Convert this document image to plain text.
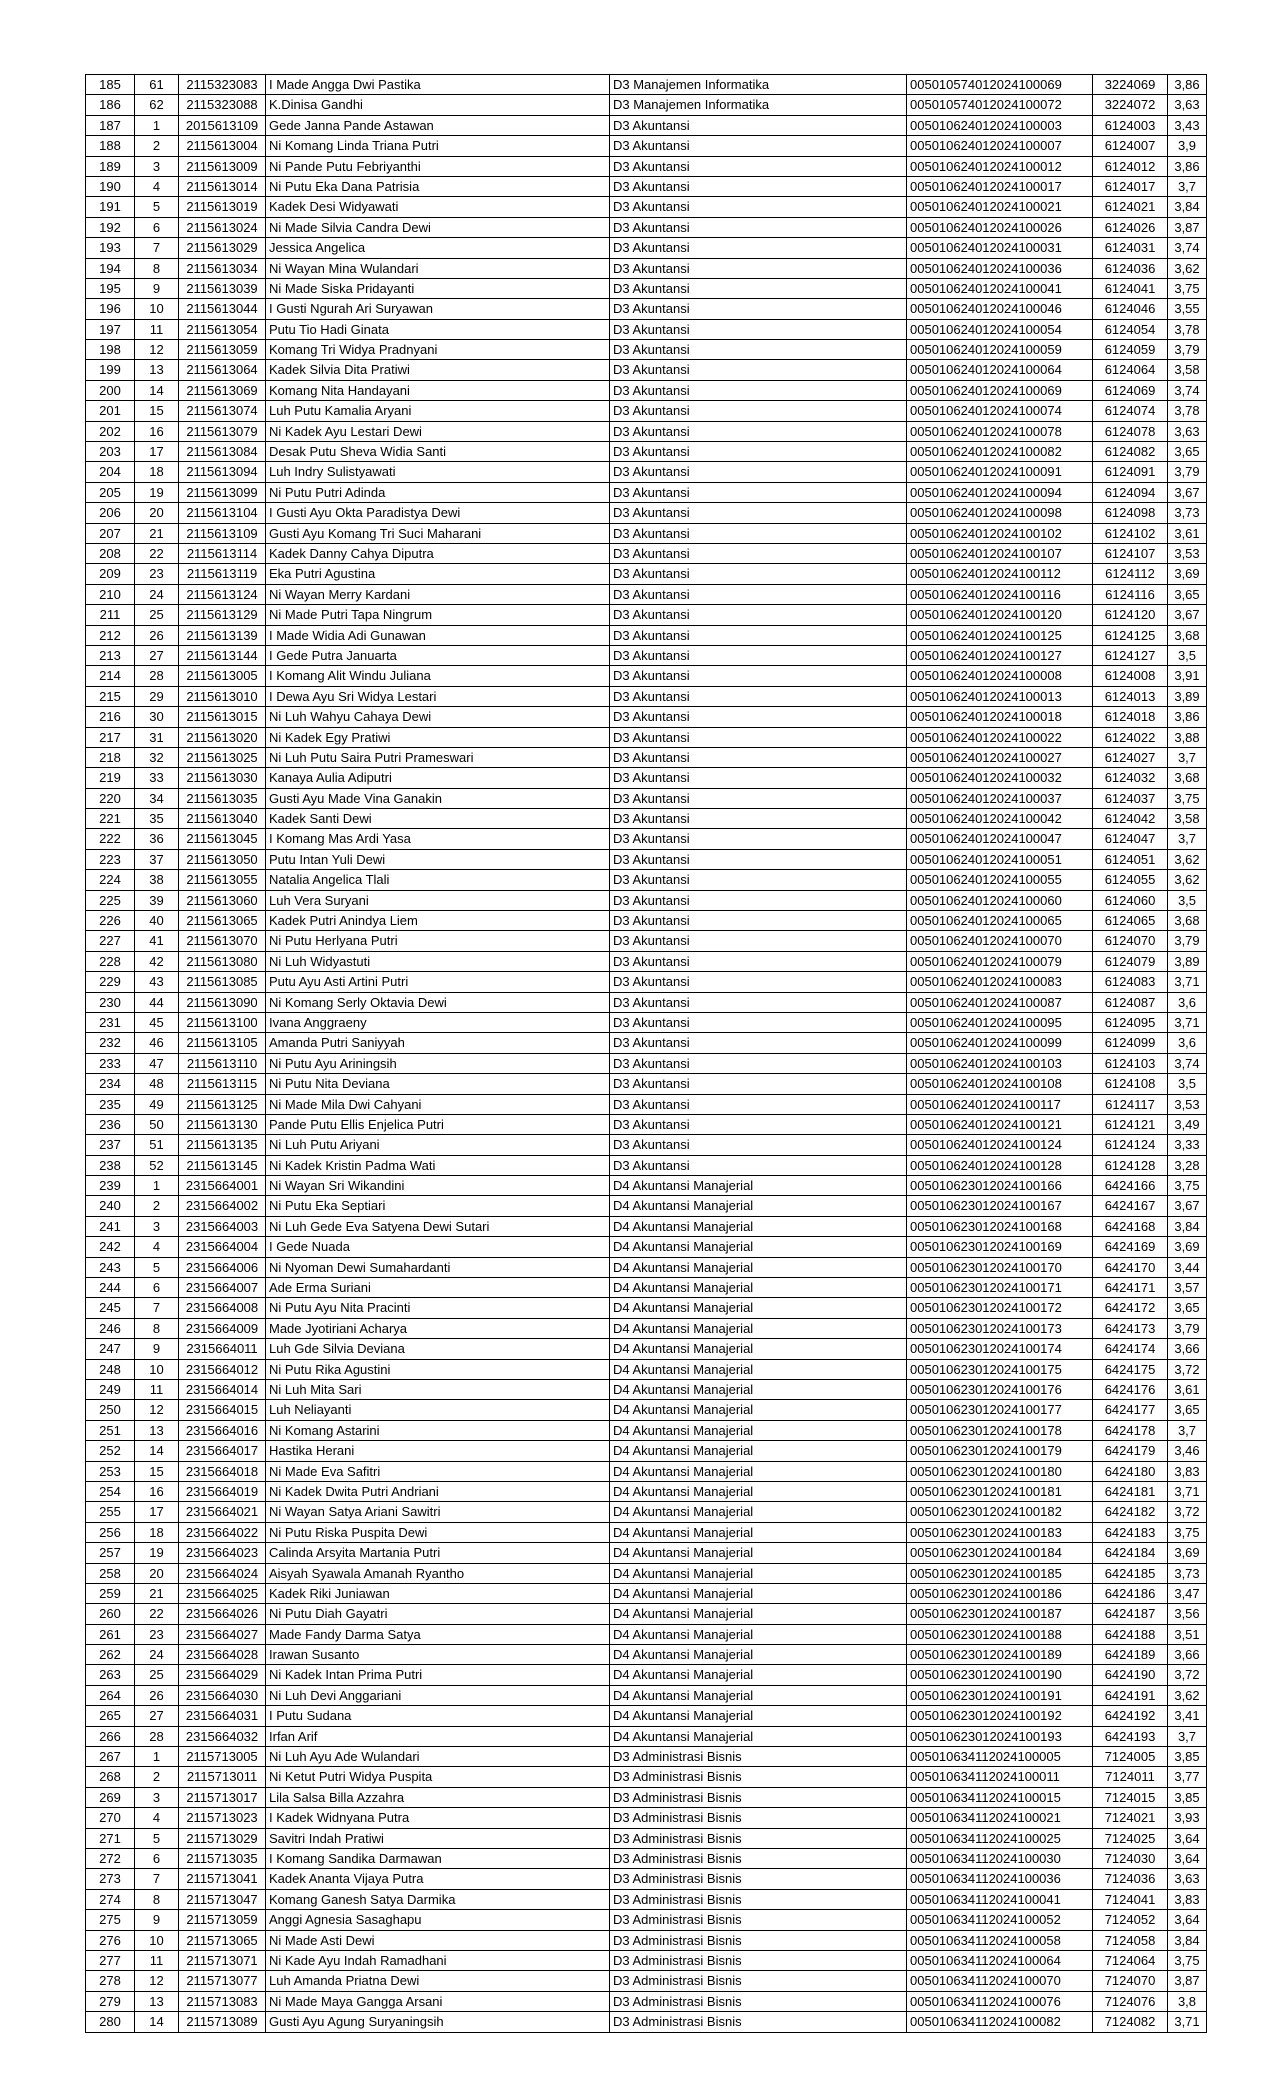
185	61	2115323083 I Made Angga Dwi Pastika	D3 Manajemen Informatika	005010574012024100069	3224069	3,86
186	62	2115323088 K.Dinisa Gandhi	D3 Manajemen Informatika	005010574012024100072	3224072	3,63
187	1	2015613109 Gede Janna Pande Astawan	D3 Akuntansi	005010624012024100003	6124003	3,43
188	2	2115613004 Ni Komang Linda Triana Putri	D3 Akuntansi	005010624012024100007	6124007	3,9
189	3	2115613009 Ni Pande Putu Febriyanthi	D3 Akuntansi	005010624012024100012	6124012	3,86
190	4	2115613014 Ni Putu Eka Dana Patrisia	D3 Akuntansi	005010624012024100017	6124017	3,7
191	5	2115613019 Kadek Desi Widyawati	D3 Akuntansi	005010624012024100021	6124021	3,84
192	6	2115613024 Ni Made Silvia Candra Dewi	D3 Akuntansi	005010624012024100026	6124026	3,87
193	7	2115613029 Jessica Angelica	D3 Akuntansi	005010624012024100031	6124031	3,74
194	8	2115613034 Ni Wayan Mina Wulandari	D3 Akuntansi	005010624012024100036	6124036	3,62
195	9	2115613039 Ni Made Siska Pridayanti	D3 Akuntansi	005010624012024100041	6124041	3,75
196	10	2115613044 I Gusti Ngurah Ari Suryawan	D3 Akuntansi	005010624012024100046	6124046	3,55
197	11	2115613054 Putu Tio Hadi Ginata	D3 Akuntansi	005010624012024100054	6124054	3,78
198	12	2115613059 Komang Tri Widya Pradnyani	D3 Akuntansi	005010624012024100059	6124059	3,79
199	13	2115613064 Kadek Silvia Dita Pratiwi	D3 Akuntansi	005010624012024100064	6124064	3,58
200	14	2115613069 Komang Nita Handayani	D3 Akuntansi	005010624012024100069	6124069	3,74
201	15	2115613074 Luh Putu Kamalia Aryani	D3 Akuntansi	005010624012024100074	6124074	3,78
202	16	2115613079 Ni Kadek Ayu Lestari Dewi	D3 Akuntansi	005010624012024100078	6124078	3,63
203	17	2115613084 Desak Putu Sheva Widia Santi	D3 Akuntansi	005010624012024100082	6124082	3,65
204	18	2115613094 Luh Indry Sulistyawati	D3 Akuntansi	005010624012024100091	6124091	3,79
205	19	2115613099 Ni Putu Putri Adinda	D3 Akuntansi	005010624012024100094	6124094	3,67
206	20	2115613104 I Gusti Ayu Okta Paradistya Dewi	D3 Akuntansi	005010624012024100098	6124098	3,73
207	21	2115613109 Gusti Ayu Komang Tri Suci Maharani	D3 Akuntansi	005010624012024100102	6124102	3,61
208	22	2115613114 Kadek Danny Cahya Diputra	D3 Akuntansi	005010624012024100107	6124107	3,53
209	23	2115613119 Eka Putri Agustina	D3 Akuntansi	005010624012024100112	6124112	3,69
210	24	2115613124 Ni Wayan Merry Kardani	D3 Akuntansi	005010624012024100116	6124116	3,65
211	25	2115613129 Ni Made Putri Tapa Ningrum	D3 Akuntansi	005010624012024100120	6124120	3,67
212	26	2115613139 I Made Widia Adi Gunawan	D3 Akuntansi	005010624012024100125	6124125	3,68
213	27	2115613144 I Gede Putra Januarta	D3 Akuntansi	005010624012024100127	6124127	3,5
214	28	2115613005 I Komang Alit Windu Juliana	D3 Akuntansi	005010624012024100008	6124008	3,91
215	29	2115613010 I Dewa Ayu Sri Widya Lestari	D3 Akuntansi	005010624012024100013	6124013	3,89
216	30	2115613015 Ni Luh Wahyu Cahaya Dewi	D3 Akuntansi	005010624012024100018	6124018	3,86
217	31	2115613020 Ni Kadek Egy Pratiwi	D3 Akuntansi	005010624012024100022	6124022	3,88
218	32	2115613025 Ni Luh Putu Saira Putri Prameswari	D3 Akuntansi	005010624012024100027	6124027	3,7
219	33	2115613030 Kanaya Aulia Adiputri	D3 Akuntansi	005010624012024100032	6124032	3,68
220	34	2115613035 Gusti Ayu Made Vina Ganakin	D3 Akuntansi	005010624012024100037	6124037	3,75
221	35	2115613040 Kadek Santi Dewi	D3 Akuntansi	005010624012024100042	6124042	3,58
222	36	2115613045 I Komang Mas Ardi Yasa	D3 Akuntansi	005010624012024100047	6124047	3,7
223	37	2115613050 Putu Intan Yuli Dewi	D3 Akuntansi	005010624012024100051	6124051	3,62
224	38	2115613055 Natalia Angelica Tlali	D3 Akuntansi	005010624012024100055	6124055	3,62
225	39	2115613060 Luh Vera Suryani	D3 Akuntansi	005010624012024100060	6124060	3,5
226	40	2115613065 Kadek Putri Anindya Liem	D3 Akuntansi	005010624012024100065	6124065	3,68
227	41	2115613070 Ni Putu Herlyana Putri	D3 Akuntansi	005010624012024100070	6124070	3,79
228	42	2115613080 Ni Luh Widyastuti	D3 Akuntansi	005010624012024100079	6124079	3,89
229	43	2115613085 Putu Ayu Asti Artini Putri	D3 Akuntansi	005010624012024100083	6124083	3,71
230	44	2115613090 Ni Komang Serly Oktavia Dewi	D3 Akuntansi	005010624012024100087	6124087	3,6
231	45	2115613100 Ivana Anggraeny	D3 Akuntansi	005010624012024100095	6124095	3,71
232	46	2115613105 Amanda Putri Saniyyah	D3 Akuntansi	005010624012024100099	6124099	3,6
233	47	2115613110 Ni Putu Ayu Ariningsih	D3 Akuntansi	005010624012024100103	6124103	3,74
234	48	2115613115 Ni Putu Nita Deviana	D3 Akuntansi	005010624012024100108	6124108	3,5
235	49	2115613125 Ni Made Mila Dwi Cahyani	D3 Akuntansi	005010624012024100117	6124117	3,53
236	50	2115613130 Pande Putu Ellis Enjelica Putri	D3 Akuntansi	005010624012024100121	6124121	3,49
237	51	2115613135 Ni Luh Putu Ariyani	D3 Akuntansi	005010624012024100124	6124124	3,33
238	52	2115613145 Ni Kadek Kristin Padma Wati	D3 Akuntansi	005010624012024100128	6124128	3,28
239	1	2315664001 Ni Wayan Sri Wikandini	D4 Akuntansi Manajerial	005010623012024100166	6424166	3,75
240	2	2315664002 Ni Putu Eka Septiari	D4 Akuntansi Manajerial	005010623012024100167	6424167	3,67
241	3	2315664003 Ni Luh Gede Eva Satyena Dewi Sutari	D4 Akuntansi Manajerial	005010623012024100168	6424168	3,84
242	4	2315664004 I Gede Nuada	D4 Akuntansi Manajerial	005010623012024100169	6424169	3,69
243	5	2315664006 Ni Nyoman Dewi Sumahardanti	D4 Akuntansi Manajerial	005010623012024100170	6424170	3,44
244	6	2315664007 Ade Erma Suriani	D4 Akuntansi Manajerial	005010623012024100171	6424171	3,57
245	7	2315664008 Ni Putu Ayu Nita Pracinti	D4 Akuntansi Manajerial	005010623012024100172	6424172	3,65
246	8	2315664009 Made Jyotiriani Acharya	D4 Akuntansi Manajerial	005010623012024100173	6424173	3,79
247	9	2315664011 Luh Gde Silvia Deviana	D4 Akuntansi Manajerial	005010623012024100174	6424174	3,66
248	10	2315664012 Ni Putu Rika Agustini	D4 Akuntansi Manajerial	005010623012024100175	6424175	3,72
249	11	2315664014 Ni Luh Mita Sari	D4 Akuntansi Manajerial	005010623012024100176	6424176	3,61
250	12	2315664015 Luh Neliayanti	D4 Akuntansi Manajerial	005010623012024100177	6424177	3,65
251	13	2315664016 Ni Komang Astarini	D4 Akuntansi Manajerial	005010623012024100178	6424178	3,7
252	14	2315664017 Hastika Herani	D4 Akuntansi Manajerial	005010623012024100179	6424179	3,46
253	15	2315664018 Ni Made Eva Safitri	D4 Akuntansi Manajerial	005010623012024100180	6424180	3,83
254	16	2315664019 Ni Kadek Dwita Putri Andriani	D4 Akuntansi Manajerial	005010623012024100181	6424181	3,71
255	17	2315664021 Ni Wayan Satya Ariani Sawitri	D4 Akuntansi Manajerial	005010623012024100182	6424182	3,72
256	18	2315664022 Ni Putu Riska Puspita Dewi	D4 Akuntansi Manajerial	005010623012024100183	6424183	3,75
257	19	2315664023 Calinda Arsyita Martania Putri	D4 Akuntansi Manajerial	005010623012024100184	6424184	3,69
258	20	2315664024 Aisyah Syawala Amanah Ryantho	D4 Akuntansi Manajerial	005010623012024100185	6424185	3,73
259	21	2315664025 Kadek Riki Juniawan	D4 Akuntansi Manajerial	005010623012024100186	6424186	3,47
260	22	2315664026 Ni Putu Diah Gayatri	D4 Akuntansi Manajerial	005010623012024100187	6424187	3,56
261	23	2315664027 Made Fandy Darma Satya	D4 Akuntansi Manajerial	005010623012024100188	6424188	3,51
262	24	2315664028 Irawan Susanto	D4 Akuntansi Manajerial	005010623012024100189	6424189	3,66
263	25	2315664029 Ni Kadek Intan Prima Putri	D4 Akuntansi Manajerial	005010623012024100190	6424190	3,72
264	26	2315664030 Ni Luh Devi Anggariani	D4 Akuntansi Manajerial	005010623012024100191	6424191	3,62
265	27	2315664031 I Putu Sudana	D4 Akuntansi Manajerial	005010623012024100192	6424192	3,41
266	28	2315664032 Irfan Arif	D4 Akuntansi Manajerial	005010623012024100193	6424193	3,7
267	1	2115713005 Ni Luh Ayu Ade Wulandari	D3 Administrasi Bisnis	005010634112024100005	7124005	3,85
268	2	2115713011 Ni Ketut Putri Widya Puspita	D3 Administrasi Bisnis	005010634112024100011	7124011	3,77
269	3	2115713017 Lila Salsa Billa Azzahra	D3 Administrasi Bisnis	005010634112024100015	7124015	3,85
270	4	2115713023 I Kadek Widnyana Putra	D3 Administrasi Bisnis	005010634112024100021	7124021	3,93
271	5	2115713029 Savitri Indah Pratiwi	D3 Administrasi Bisnis	005010634112024100025	7124025	3,64
272	6	2115713035 I Komang Sandika Darmawan	D3 Administrasi Bisnis	005010634112024100030	7124030	3,64
273	7	2115713041 Kadek Ananta Vijaya Putra	D3 Administrasi Bisnis	005010634112024100036	7124036	3,63
274	8	2115713047 Komang Ganesh Satya Darmika	D3 Administrasi Bisnis	005010634112024100041	7124041	3,83
275	9	2115713059 Anggi Agnesia Sasaghapu	D3 Administrasi Bisnis	005010634112024100052	7124052	3,64
276	10	2115713065 Ni Made Asti Dewi	D3 Administrasi Bisnis	005010634112024100058	7124058	3,84
277	11	2115713071 Ni Kade Ayu Indah Ramadhani	D3 Administrasi Bisnis	005010634112024100064	7124064	3,75
278	12	2115713077 Luh Amanda Priatna Dewi	D3 Administrasi Bisnis	005010634112024100070	7124070	3,87
279	13	2115713083 Ni Made Maya Gangga Arsani	D3 Administrasi Bisnis	005010634112024100076	7124076	3,8
280	14	2115713089 Gusti Ayu Agung Suryaningsih	D3 Administrasi Bisnis	005010634112024100082	7124082	3,71
